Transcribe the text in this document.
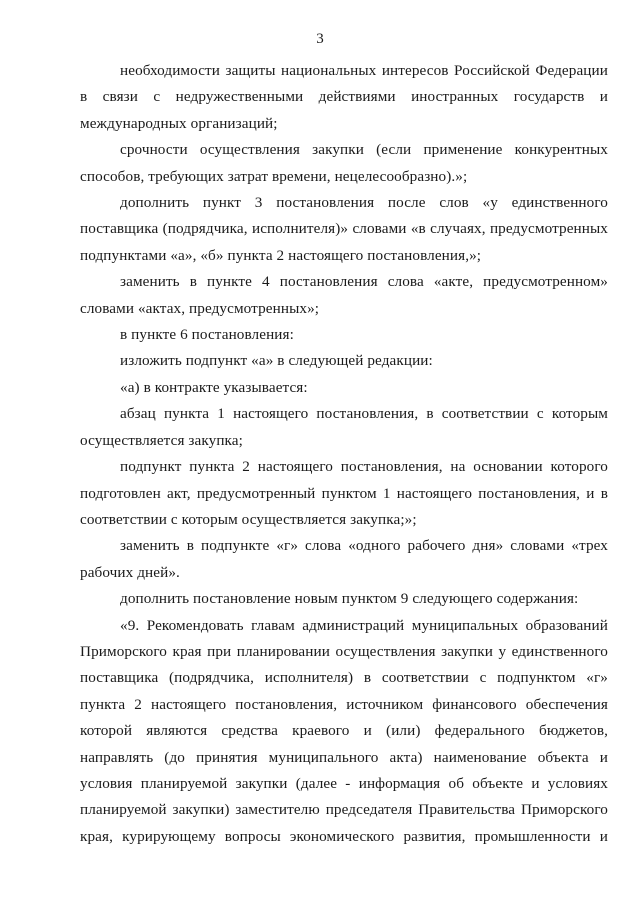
3

необходимости защиты национальных интересов Российской Федерации в связи с недружественными действиями иностранных государств и международных организаций;

срочности осуществления закупки (если применение конкурентных способов, требующих затрат времени, нецелесообразно).»;

дополнить пункт 3 постановления после слов «у единственного поставщика (подрядчика, исполнителя)» словами «в случаях, предусмотренных подпунктами «а», «б» пункта 2 настоящего постановления,»;

заменить в пункте 4 постановления слова «акте, предусмотренном» словами «актах, предусмотренных»;

в пункте 6 постановления:

изложить подпункт «а» в следующей редакции:

«а) в контракте указывается:

абзац пункта 1 настоящего постановления, в соответствии с которым осуществляется закупка;

подпункт пункта 2 настоящего постановления, на основании которого подготовлен акт, предусмотренный пунктом 1 настоящего постановления, и в соответствии с которым осуществляется закупка;»;

заменить в подпункте «г» слова «одного рабочего дня» словами «трех рабочих дней».

дополнить постановление новым пунктом 9 следующего содержания:

«9. Рекомендовать главам администраций муниципальных образований Приморского края при планировании осуществления закупки у единственного поставщика (подрядчика, исполнителя) в соответствии с подпунктом «г» пункта 2 настоящего постановления, источником финансового обеспечения которой являются средства краевого и (или) федерального бюджетов, направлять (до принятия муниципального акта) наименование объекта и условия планируемой закупки (далее - информация об объекте и условиях планируемой закупки) заместителю председателя Правительства Приморского края, курирующему вопросы экономического развития, промышленности и
